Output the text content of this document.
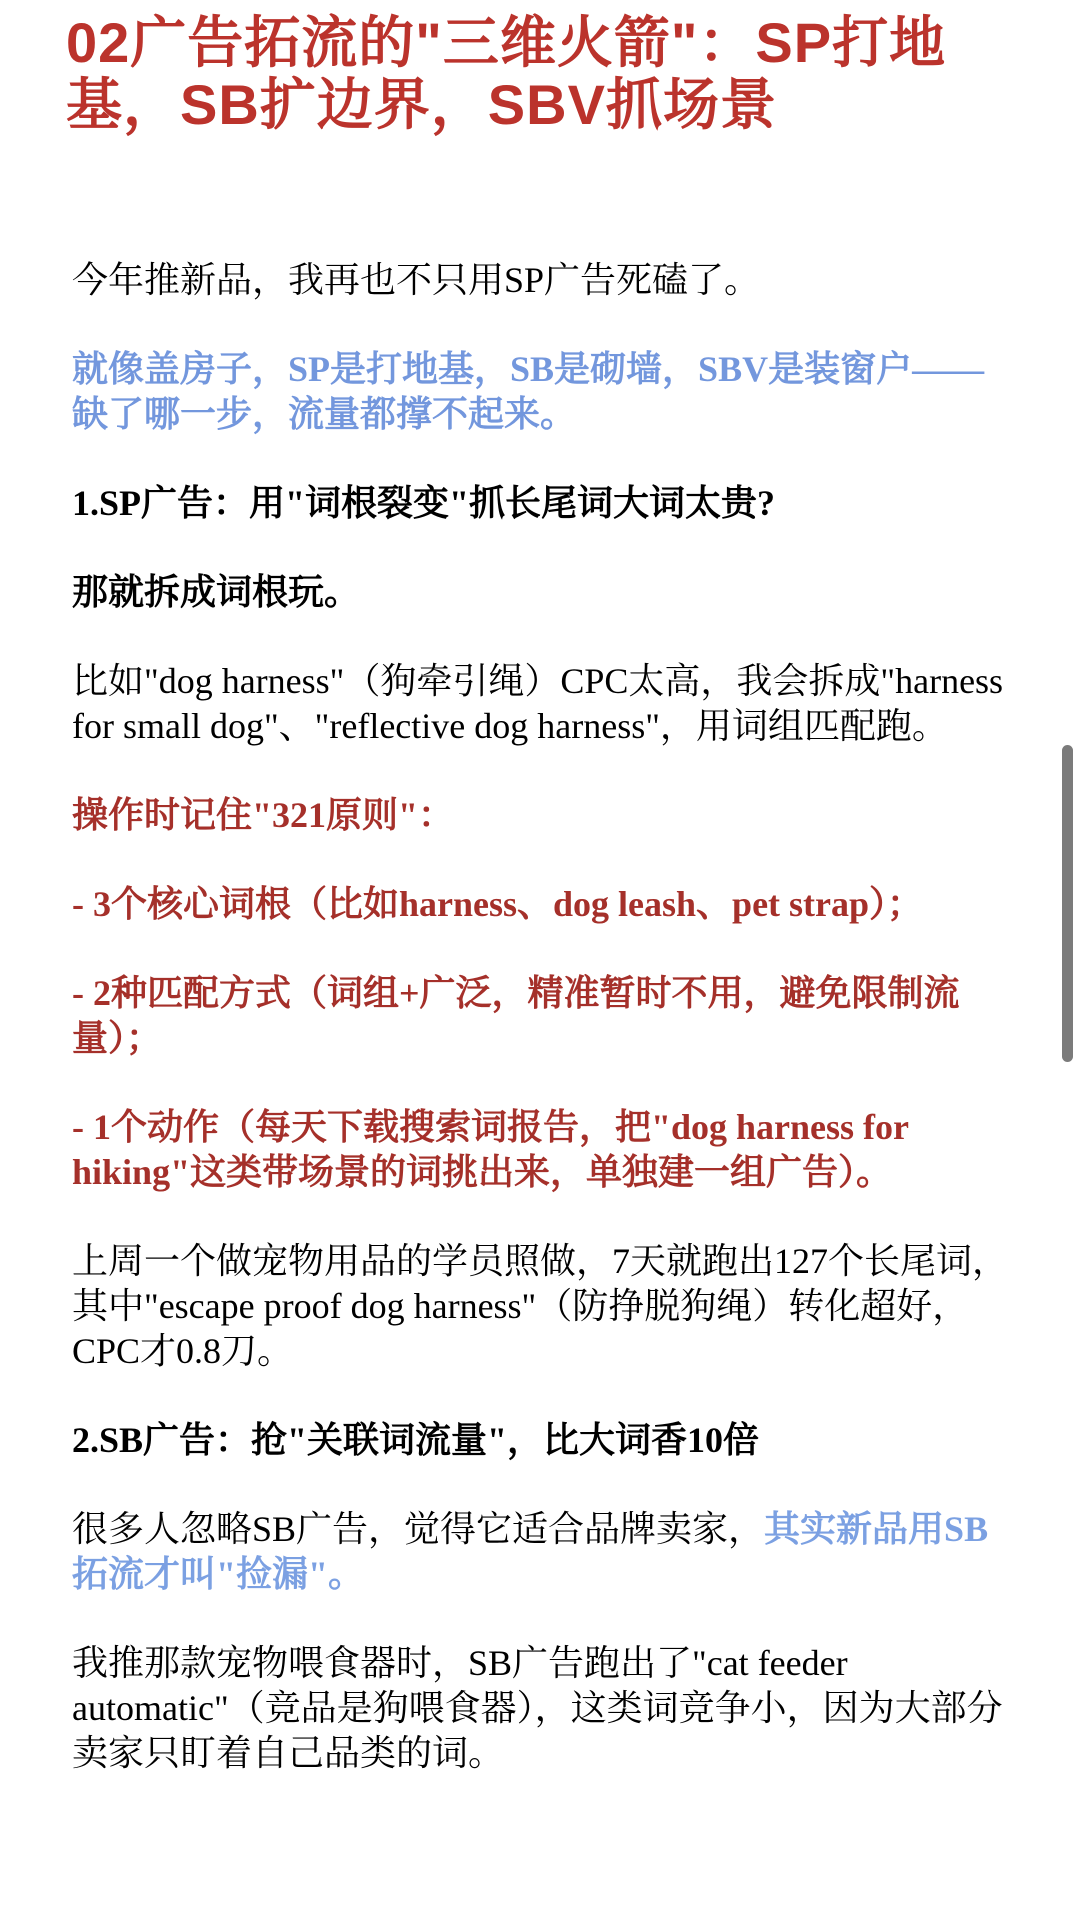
02广告拓流的"三维火箭"：SP打地基，SB扩边界，SBV抓场景

今年推新品，我再也不只用SP广告死磕了。

就像盖房子，SP是打地基，SB是砌墙，SBV是装窗户——缺了哪一步，流量都撑不起来。

1.SP广告：用"词根裂变"抓长尾词大词太贵?

那就拆成词根玩。

比如"dog harness"（狗牵引绳）CPC太高，我会拆成"harness for small dog"、"reflective dog harness"，用词组匹配跑。

操作时记住"321原则"：

- 3个核心词根（比如harness、dog leash、pet strap）；

- 2种匹配方式（词组+广泛，精准暂时不用，避免限制流量）；

- 1个动作（每天下载搜索词报告，把"dog harness for hiking"这类带场景的词挑出来，单独建一组广告）。

上周一个做宠物用品的学员照做，7天就跑出127个长尾词，其中"escape proof dog harness"（防挣脱狗绳）转化超好，CPC才0.8刀。

2.SB广告：抢"关联词流量"，比大词香10倍

很多人忽略SB广告，觉得它适合品牌卖家，其实新品用SB拓流才叫"捡漏"。

我推那款宠物喂食器时，SB广告跑出了"cat feeder automatic"（竞品是狗喂食器），这类词竞争小，因为大部分卖家只盯着自己品类的词。
